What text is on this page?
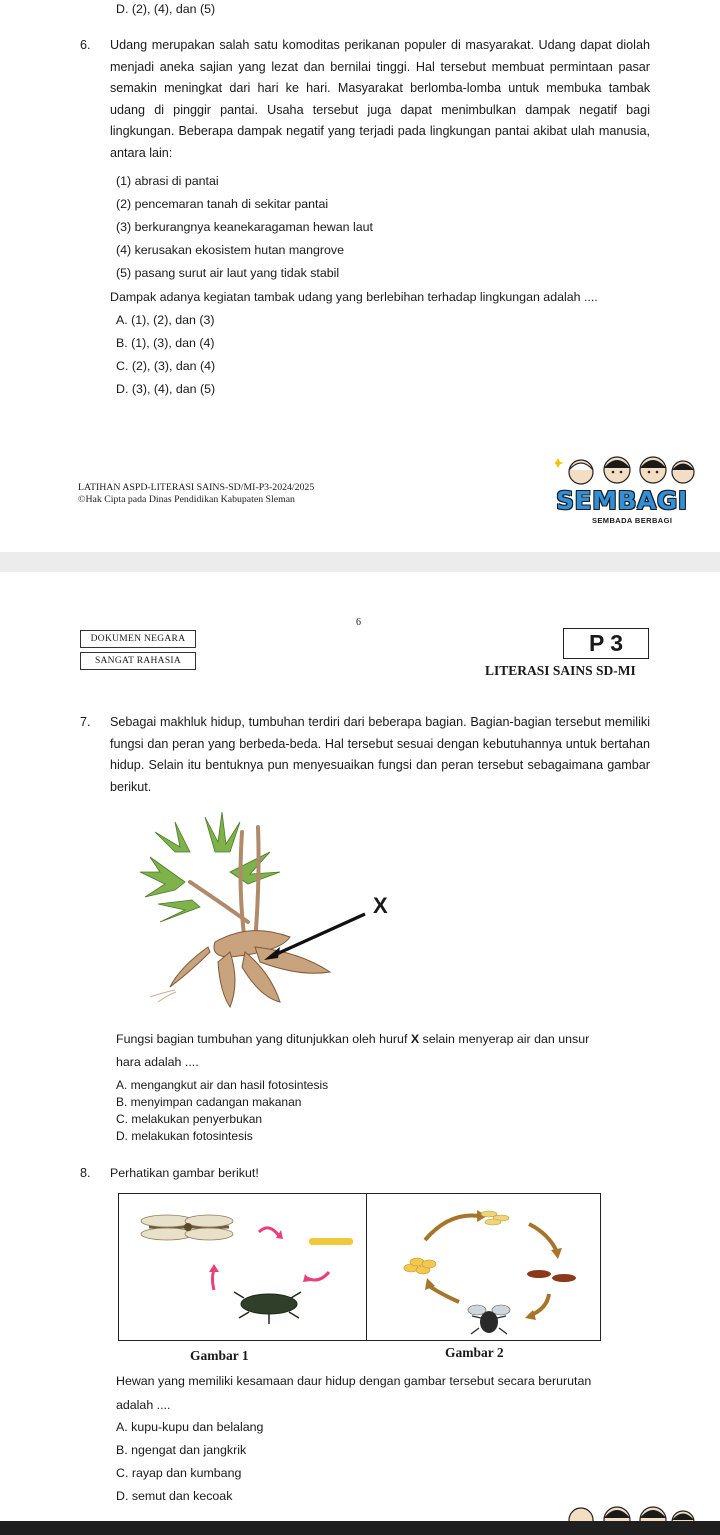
D. (2), (4), dan (5)
6. Udang merupakan salah satu komoditas perikanan populer di masyarakat. Udang dapat diolah menjadi aneka sajian yang lezat dan bernilai tinggi. Hal tersebut membuat permintaan pasar semakin meningkat dari hari ke hari. Masyarakat berlomba-lomba untuk membuka tambak udang di pinggir pantai. Usaha tersebut juga dapat menimbulkan dampak negatif bagi lingkungan. Beberapa dampak negatif yang terjadi pada lingkungan pantai akibat ulah manusia, antara lain:
(1) abrasi di pantai
(2) pencemaran tanah di sekitar pantai
(3) berkurangnya keanekaragaman hewan laut
(4) kerusakan ekosistem hutan mangrove
(5) pasang surut air laut yang tidak stabil
Dampak adanya kegiatan tambak udang yang berlebihan terhadap lingkungan adalah ....
A. (1), (2), dan (3)
B. (1), (3), dan (4)
C. (2), (3), dan (4)
D. (3), (4), dan (5)
LATIHAN ASPD-LITERASI SAINS-SD/MI-P3-2024/2025
©Hak Cipta pada Dinas Pendidikan Kabupaten Sleman	SEMBAGI
SEMBADA BERBAGI
6
DOKUMEN NEGARA
SANGAT RAHASIA
P 3
LITERASI SAINS SD-MI
7. Sebagai makhluk hidup, tumbuhan terdiri dari beberapa bagian. Bagian-bagian tersebut memiliki fungsi dan peran yang berbeda-beda. Hal tersebut sesuai dengan kebutuhannya untuk bertahan hidup. Selain itu bentuknya pun menyesuaikan fungsi dan peran tersebut sebagaimana gambar berikut.
X
Fungsi bagian tumbuhan yang ditunjukkan oleh huruf X selain menyerap air dan unsur
hara adalah ....
A. mengangkut air dan hasil fotosintesis
B. menyimpan cadangan makanan
C. melakukan penyerbukan
D. melakukan fotosintesis
8. Perhatikan gambar berikut!
Gambar 1	Gambar 2
Hewan yang memiliki kesamaan daur hidup dengan gambar tersebut secara berurutan
adalah ....
A. kupu-kupu dan belalang
B. ngengat dan jangkrik
C. rayap dan kumbang
D. semut dan kecoak
